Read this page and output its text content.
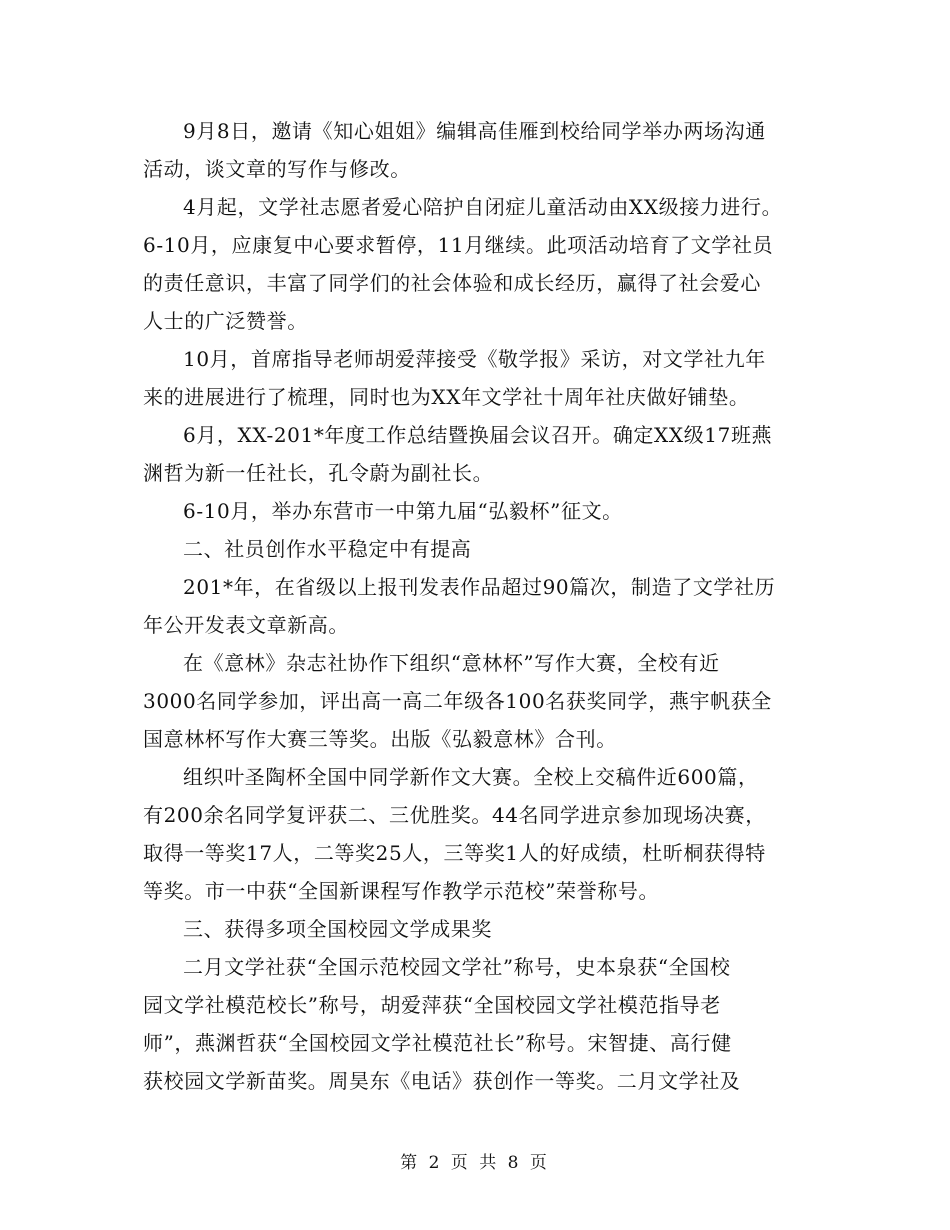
9月8日，邀请《知心姐姐》编辑高佳雁到校给同学举办两场沟通
活动，谈文章的写作与修改。

4月起，文学社志愿者爱心陪护自闭症儿童活动由XX级接力进行。
6-10月，应康复中心要求暂停，11月继续。此项活动培育了文学社员
的责任意识，丰富了同学们的社会体验和成长经历，赢得了社会爱心
人士的广泛赞誉。

10月，首席指导老师胡爱萍接受《敬学报》采访，对文学社九年
来的进展进行了梳理，同时也为XX年文学社十周年社庆做好铺垫。

6月，XX-201*年度工作总结暨换届会议召开。确定XX级17班燕
渊哲为新一任社长，孔令蔚为副社长。

6-10月，举办东营市一中第九届“弘毅杯”征文。

二、社员创作水平稳定中有提高

201*年，在省级以上报刊发表作品超过90篇次，制造了文学社历
年公开发表文章新高。

在《意林》杂志社协作下组织“意林杯”写作大赛，全校有近
3000名同学参加，评出高一高二年级各100名获奖同学，燕宇帆获全
国意林杯写作大赛三等奖。出版《弘毅意林》合刊。

组织叶圣陶杯全国中同学新作文大赛。全校上交稿件近600篇，
有200余名同学复评获二、三优胜奖。44名同学进京参加现场决赛，
取得一等奖17人，二等奖25人，三等奖1人的好成绩，杜昕桐获得特
等奖。市一中获“全国新课程写作教学示范校”荣誉称号。

三、获得多项全国校园文学成果奖

二月文学社获“全国示范校园文学社”称号，史本泉获“全国校
园文学社模范校长”称号，胡爱萍获“全国校园文学社模范指导老
师”，燕渊哲获“全国校园文学社模范社长”称号。宋智捷、高行健
获校园文学新苗奖。周昊东《电话》获创作一等奖。二月文学社及

第 2 页 共 8 页
